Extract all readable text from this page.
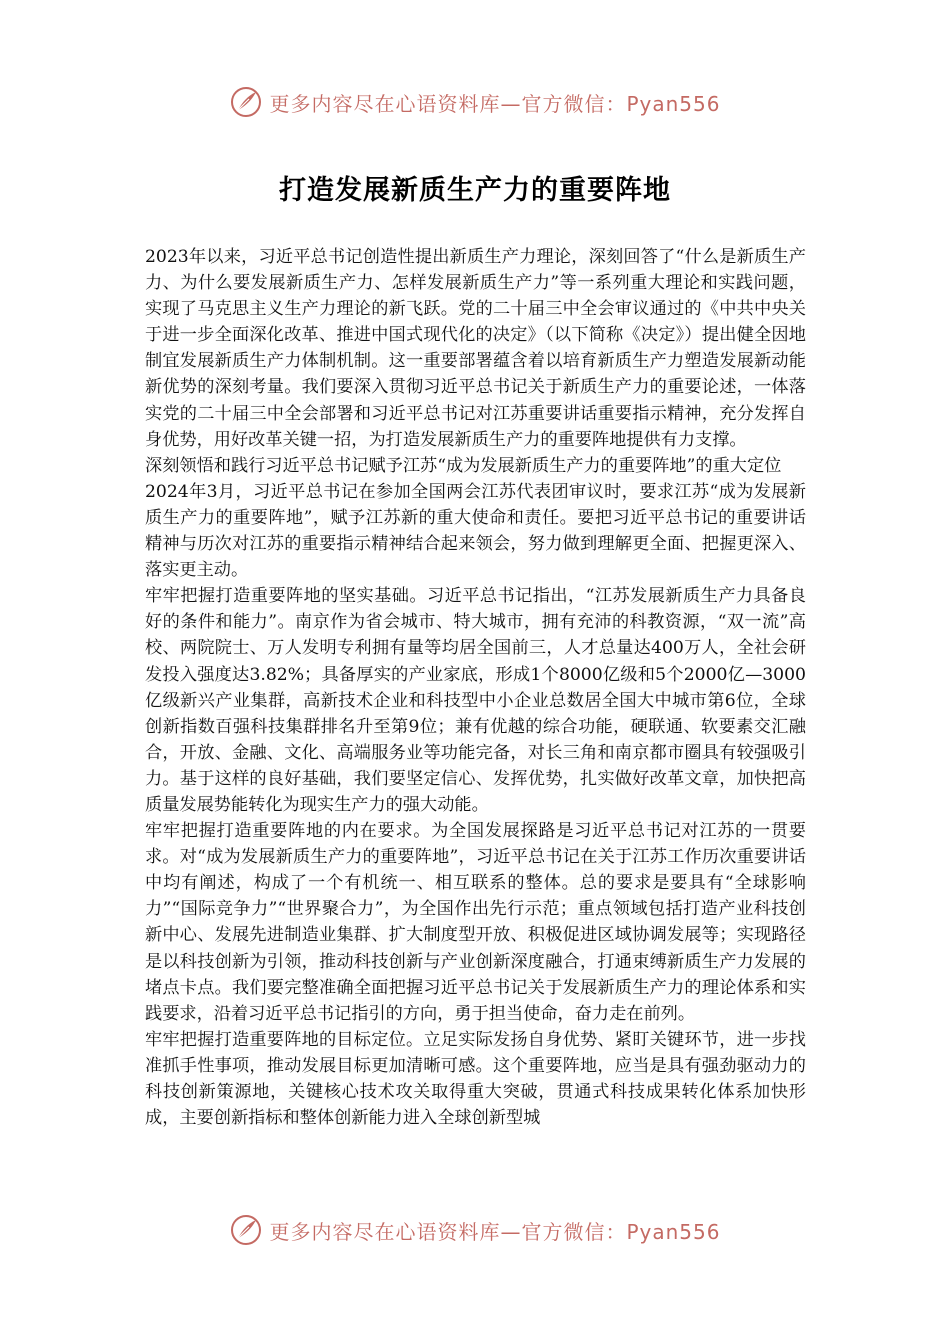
更多内容尽在心语资料库—官方微信：Pyan556
打造发展新质生产力的重要阵地

2023年以来，习近平总书记创造性提出新质生产力理论，深刻回答了“什么是新质生产力、为什么要发展新质生产力、怎样发展新质生产力”等一系列重大理论和实践问题，实现了马克思主义生产力理论的新飞跃。党的二十届三中全会审议通过的《中共中央关于进一步全面深化改革、推进中国式现代化的决定》（以下简称《决定》）提出健全因地制宜发展新质生产力体制机制。这一重要部署蕴含着以培育新质生产力塑造发展新动能新优势的深刻考量。我们要深入贯彻习近平总书记关于新质生产力的重要论述，一体落实党的二十届三中全会部署和习近平总书记对江苏重要讲话重要指示精神，充分发挥自身优势，用好改革关键一招，为打造发展新质生产力的重要阵地提供有力支撑。

深刻领悟和践行习近平总书记赋予江苏“成为发展新质生产力的重要阵地”的重大定位

2024年3月，习近平总书记在参加全国两会江苏代表团审议时，要求江苏“成为发展新质生产力的重要阵地”，赋予江苏新的重大使命和责任。要把习近平总书记的重要讲话精神与历次对江苏的重要指示精神结合起来领会，努力做到理解更全面、把握更深入、落实更主动。

牢牢把握打造重要阵地的坚实基础。习近平总书记指出，“江苏发展新质生产力具备良好的条件和能力”。南京作为省会城市、特大城市，拥有充沛的科教资源，“双一流”高校、两院院士、万人发明专利拥有量等均居全国前三，人才总量达400万人，全社会研发投入强度达3.82%；具备厚实的产业家底，形成1个8000亿级和5个2000亿—3000亿级新兴产业集群，高新技术企业和科技型中小企业总数居全国大中城市第6位，全球创新指数百强科技集群排名升至第9位；兼有优越的综合功能，硬联通、软要素交汇融合，开放、金融、文化、高端服务业等功能完备，对长三角和南京都市圈具有较强吸引力。基于这样的良好基础，我们要坚定信心、发挥优势，扎实做好改革文章，加快把高质量发展势能转化为现实生产力的强大动能。

牢牢把握打造重要阵地的内在要求。为全国发展探路是习近平总书记对江苏的一贯要求。对“成为发展新质生产力的重要阵地”，习近平总书记在关于江苏工作历次重要讲话中均有阐述，构成了一个有机统一、相互联系的整体。总的要求是要具有“全球影响力”“国际竞争力”“世界聚合力”，为全国作出先行示范；重点领域包括打造产业科技创新中心、发展先进制造业集群、扩大制度型开放、积极促进区域协调发展等；实现路径是以科技创新为引领，推动科技创新与产业创新深度融合，打通束缚新质生产力发展的堵点卡点。我们要完整准确全面把握习近平总书记关于发展新质生产力的理论体系和实践要求，沿着习近平总书记指引的方向，勇于担当使命，奋力走在前列。

牢牢把握打造重要阵地的目标定位。立足实际发扬自身优势、紧盯关键环节，进一步找准抓手性事项，推动发展目标更加清晰可感。这个重要阵地，应当是具有强劲驱动力的科技创新策源地，关键核心技术攻关取得重大突破，贯通式科技成果转化体系加快形成，主要创新指标和整体创新能力进入全球创新型城

更多内容尽在心语资料库—官方微信：Pyan556
